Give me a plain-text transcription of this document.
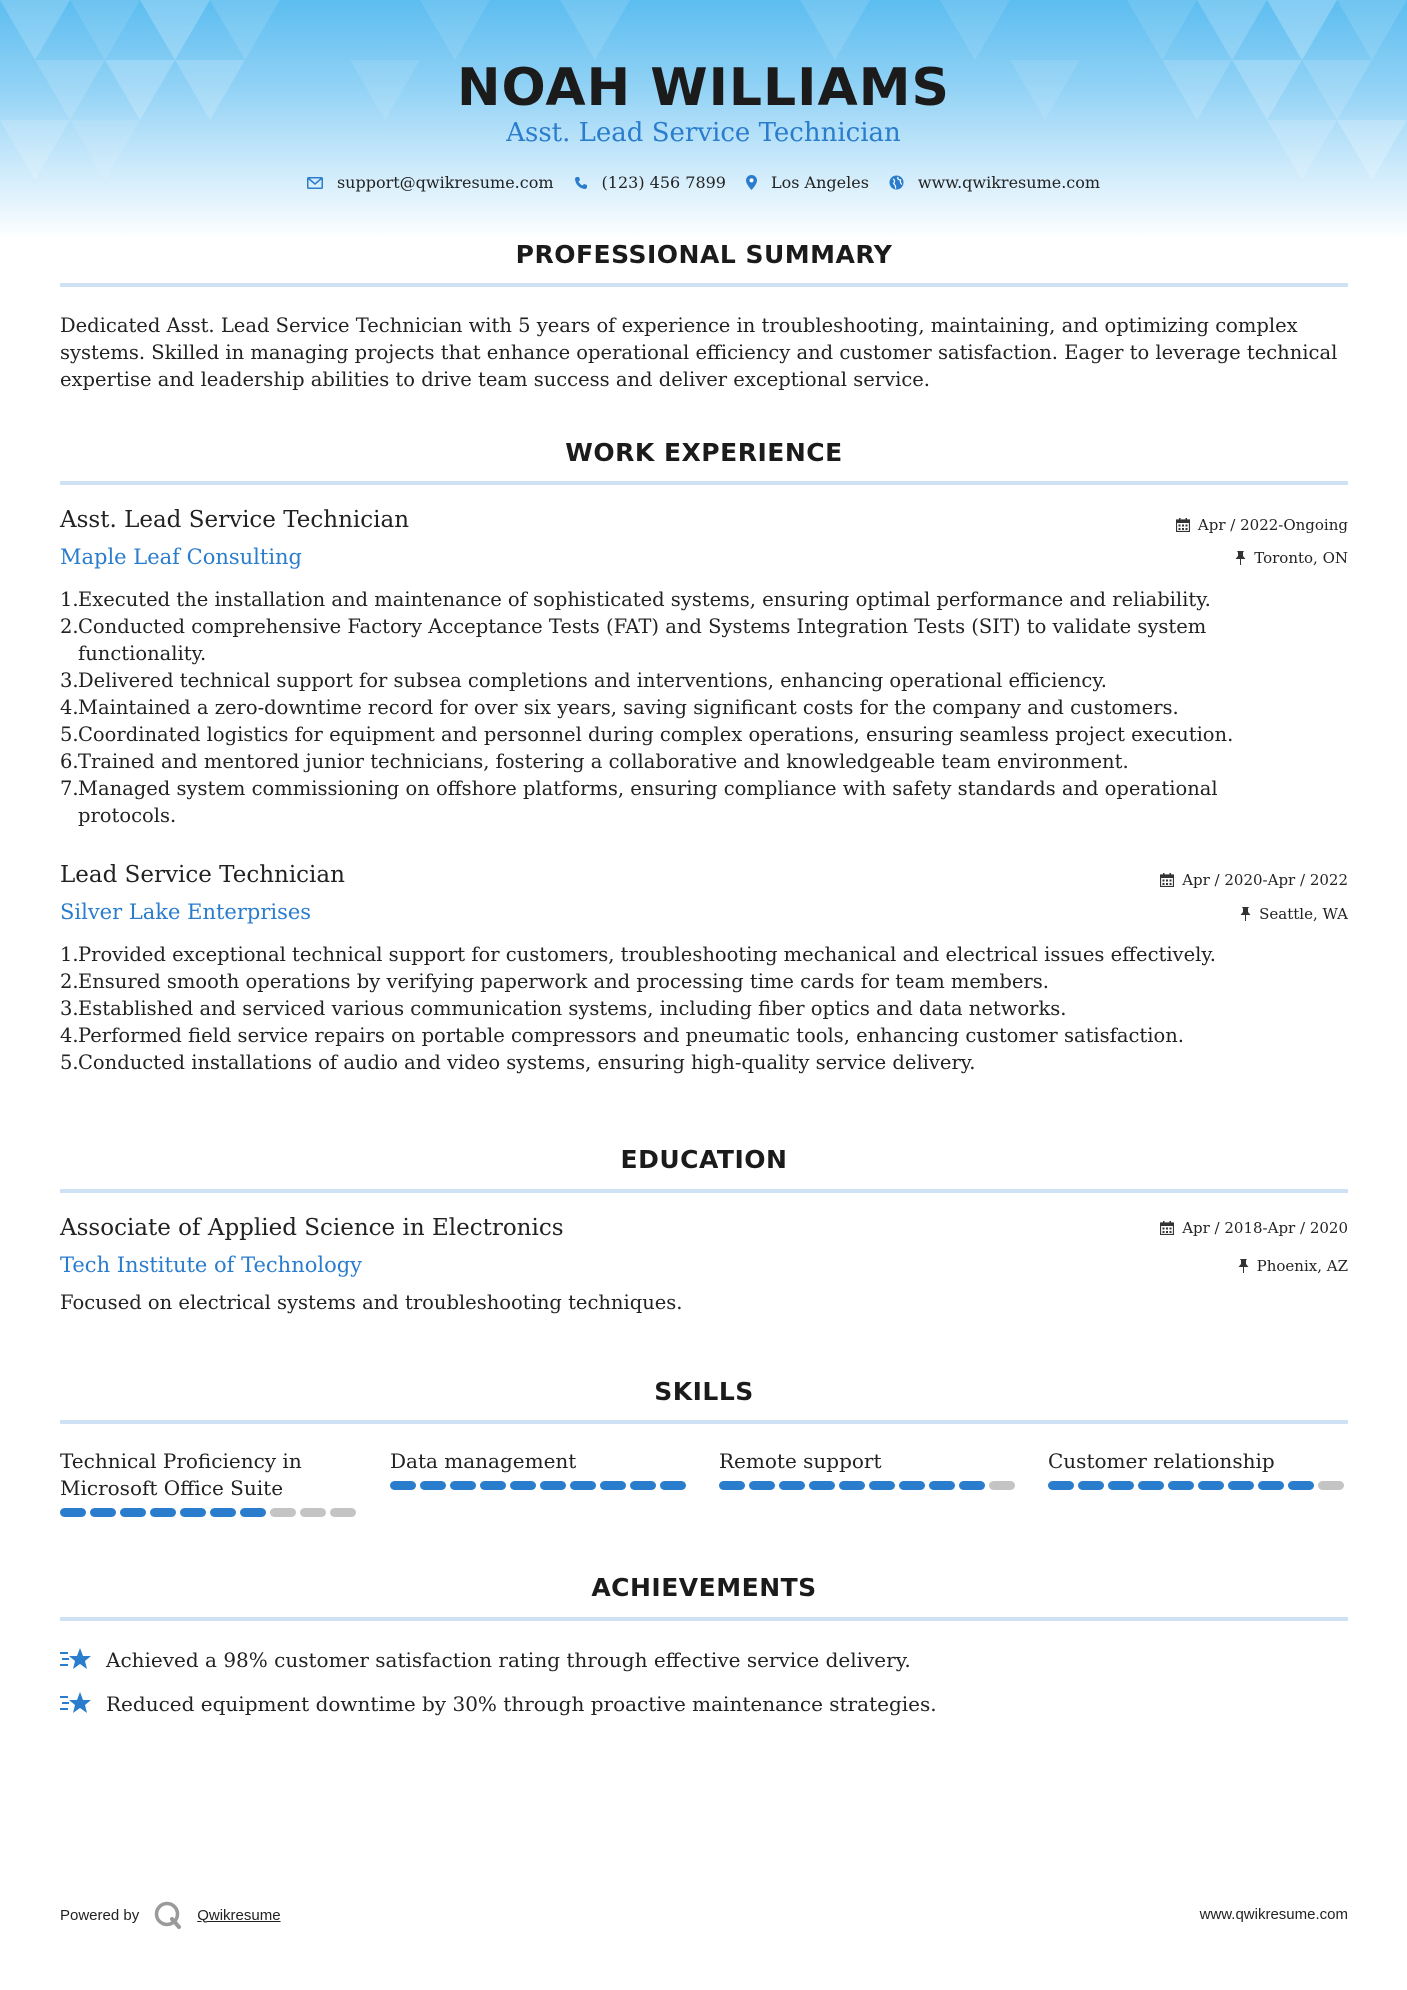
NOAH WILLIAMS
Asst. Lead Service Technician
support@qwikresume.com	(123) 456 7899	Los Angeles	www.qwikresume.com
PROFESSIONAL SUMMARY
Dedicated Asst. Lead Service Technician with 5 years of experience in troubleshooting, maintaining, and optimizing complex systems. Skilled in managing projects that enhance operational efficiency and customer satisfaction. Eager to leverage technical expertise and leadership abilities to drive team success and deliver exceptional service.
WORK EXPERIENCE
Asst. Lead Service Technician	Apr / 2022-Ongoing
Maple Leaf Consulting	Toronto, ON
1. Executed the installation and maintenance of sophisticated systems, ensuring optimal performance and reliability.
2. Conducted comprehensive Factory Acceptance Tests (FAT) and Systems Integration Tests (SIT) to validate system functionality.
3. Delivered technical support for subsea completions and interventions, enhancing operational efficiency.
4. Maintained a zero-downtime record for over six years, saving significant costs for the company and customers.
5. Coordinated logistics for equipment and personnel during complex operations, ensuring seamless project execution.
6. Trained and mentored junior technicians, fostering a collaborative and knowledgeable team environment.
7. Managed system commissioning on offshore platforms, ensuring compliance with safety standards and operational protocols.
Lead Service Technician	Apr / 2020-Apr / 2022
Silver Lake Enterprises	Seattle, WA
1. Provided exceptional technical support for customers, troubleshooting mechanical and electrical issues effectively.
2. Ensured smooth operations by verifying paperwork and processing time cards for team members.
3. Established and serviced various communication systems, including fiber optics and data networks.
4. Performed field service repairs on portable compressors and pneumatic tools, enhancing customer satisfaction.
5. Conducted installations of audio and video systems, ensuring high-quality service delivery.
EDUCATION
Associate of Applied Science in Electronics	Apr / 2018-Apr / 2020
Tech Institute of Technology	Phoenix, AZ
Focused on electrical systems and troubleshooting techniques.
SKILLS
Technical Proficiency in Microsoft Office Suite
Data management	Remote support	Customer relationship
ACHIEVEMENTS
Achieved a 98% customer satisfaction rating through effective service delivery.
Reduced equipment downtime by 30% through proactive maintenance strategies.
Powered by	Qwikresume	www.qwikresume.com
